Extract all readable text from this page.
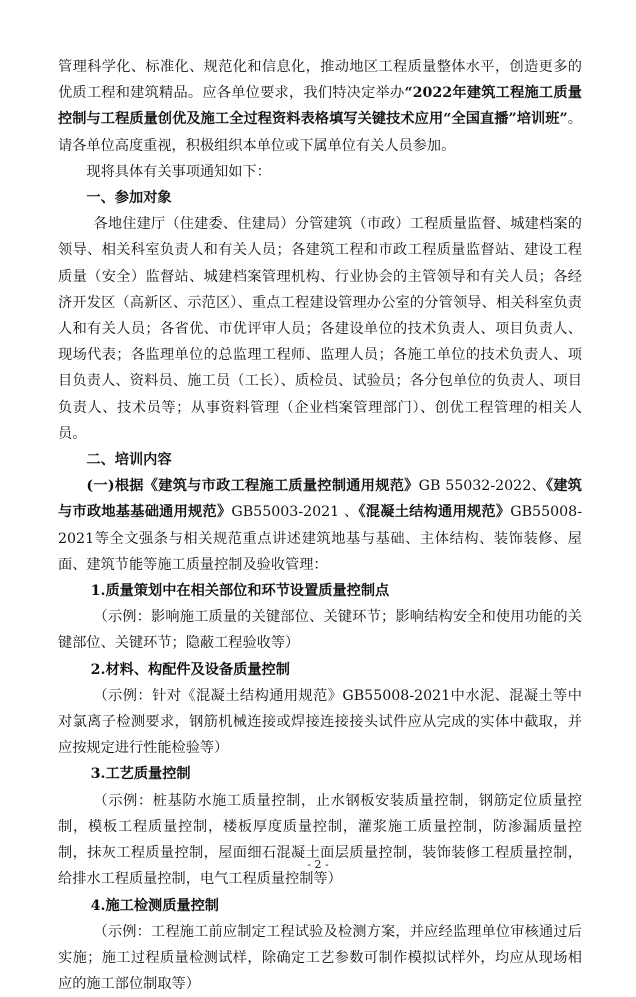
管理科学化、标准化、规范化和信息化，推动地区工程质量整体水平，创造更多的优质工程和建筑精品。应各单位要求，我们特决定举办“2022年建筑工程施工质量控制与工程质量创优及施工全过程资料表格填写关键技术应用“全国直播”培训班”。请各单位高度重视，积极组织本单位或下属单位有关人员参加。

现将具体有关事项通知如下：

一、参加对象

各地住建厅（住建委、住建局）分管建筑（市政）工程质量监督、城建档案的领导、相关科室负责人和有关人员；各建筑工程和市政工程质量监督站、建设工程质量（安全）监督站、城建档案管理机构、行业协会的主管领导和有关人员；各经济开发区（高新区、示范区）、重点工程建设管理办公室的分管领导、相关科室负责人和有关人员；各省优、市优评审人员；各建设单位的技术负责人、项目负责人、现场代表；各监理单位的总监理工程师、监理人员；各施工单位的技术负责人、项目负责人、资料员、施工员（工长）、质检员、试验员；各分包单位的负责人、项目负责人、技术员等；从事资料管理（企业档案管理部门）、创优工程管理的相关人员。

二、培训内容

(一)根据《建筑与市政工程施工质量控制通用规范》GB 55032-2022、《建筑与市政地基基础通用规范》GB55003-2021 、《混凝土结构通用规范》GB55008-2021等全文强条与相关规范重点讲述建筑地基与基础、主体结构、装饰装修、屋面、建筑节能等施工质量控制及验收管理：

1.质量策划中在相关部位和环节设置质量控制点

（示例：影响施工质量的关键部位、关键环节；影响结构安全和使用功能的关键部位、关键环节；隐蔽工程验收等）

2.材料、构配件及设备质量控制

（示例：针对《混凝土结构通用规范》GB55008-2021中水泥、混凝土等中对氯离子检测要求，钢筋机械连接或焊接连接接头试件应从完成的实体中截取，并应按规定进行性能检验等）

3.工艺质量控制

（示例：桩基防水施工质量控制，止水钢板安装质量控制，钢筋定位质量控制，模板工程质量控制，楼板厚度质量控制，灌浆施工质量控制，防渗漏质量控制，抹灰工程质量控制，屋面细石混凝土面层质量控制，装饰装修工程质量控制，给排水工程质量控制，电气工程质量控制等）

4.施工检测质量控制

（示例：工程施工前应制定工程试验及检测方案，并应经监理单位审核通过后实施；施工过程质量检测试样，除确定工艺参数可制作模拟试样外，均应从现场相应的施工部位制取等）

- 2 -
